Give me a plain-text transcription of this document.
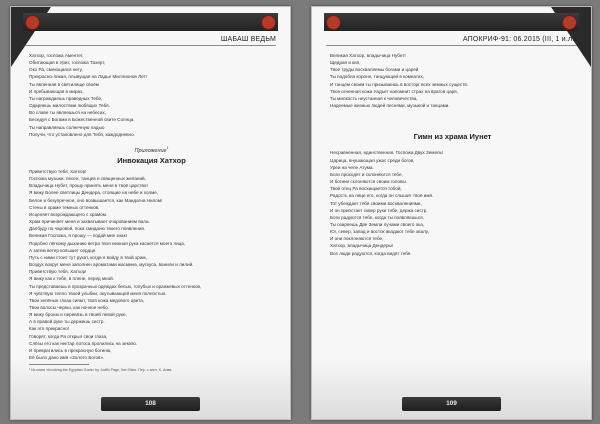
ШАБАШ ВЕДЬМ

Хатхор, госпожа Аментет,

Обитающая в Урит, госпожа Тахерт,

Око Ра, смеющаяся негу,

Прекрасно-ликая, плывущая на Ладье Миллионов Лет!

Ты явленная в святилище своём

И пребывающая в мирах,

Ты награждаешь праведных Тебе,

Одаряешь милостями любящих Тебя.

Во славе ты являешься на небесах,

Беседуя с Богами в Божественной свите Солнца.

Ты направляешь солнечную ладью

Получи, что установлено для Тебя, каждодневно.

Приложение$^1$
Инвокация Хатхор

Приветствую тебя, Хатхор!

Госпожа музыки, песен, танцев и священных желаний,

Владычица Нубет, прошу принять меня в твоё царство!

Я вижу Более светлицы Дендера, стоящие на небе и холме,

Белое и безупречное, оно возвышается, как Мандагна Нилом!

Стены в храме темных оттенков.

Исцеляет возрождающего с храмом.

Храм причиняет меня и захватывает очарованием вала.

Далбуду по чаровой, пока смиданю твоего появления.

Великая Госпожа, я прошу — подай мне знак!

Подобно лёгкому дыханию ветра твоя нежная рука касается моего лица,

А затем ветер колышет сердце.

Путь с ними стоит тут рукат, когда я войду в твой храм,

Воздух вокруг меня заполнен ароматами жасмина, мускуса, ванили и лилий.

Приветствую тебя, Хатхор!

Я вижу как к тебе, в плене, перед мной.

Ты представаешь в прозрачных одеждах белых, голубых и оранжевых оттенков,

Я чувствую тепло твоей улыбки, окутывающей меня полностью.

Твои зелёные глаза сияют, твоя кожа медового цвета,

Твои волосы черны, как ночное небо.

Я вижу броню и перевязь в твоей левой руке,

А в правой руке ты держишь систр.

Как это прекрасно!

Говорят, когда Ра открыл свои глаза,

Слёзы его как нектар лотоса пролились на землю.

И превратились в прекрасную богиню,

Её было дано имя «Золото Богов».

¹ Из книги «Invoking the Egyptian Gods» by Judith Page, Ken Biles. Пер. с англ. К. Алва.
108
АПОКРИФ-91: 06.2015 (III, 1 и.л.)

Великая Хатхор, владычица Нубет!

Щедрая и кип,

Твое труды восхваляемы богами и царей

Ты подобна короне, танцующей в комнатах,

И танцем своим ты призываешь в восторг всех земных существ.

Твоя огненная кожа Уадьет напомнит страх на врагов царя,

Ты милкость неустанная к человечества,

Надеемые жизнью людей песнями, музыкой и танцами.

Гимн из храма Иунет

Несравненная, единственная, Госпожа Двух Земель!

Царица, внушающая ужас среди богов,

Уреи на челе Атума.

Боги проходят и склоняются тебе,

И богини склоняются своим головы.

Твой отец Ра восхищается тобой,

Радость на лице его, когда он слышит твоё имя.

Тот убеждает тебя своими восхвалениями,

И он приостает сквер руки тебе, держа систр.

Боги радуются тебе, когда ты появляешься,

Ты озаряешь Две Земли лучами своего ока,

Юг, север, запад и восток вкадают тебе хвалу,

И они поклоняются тебе,

Хатхор, владычица Дендеры!

Все люди радуются, когда видят тебя.

109
